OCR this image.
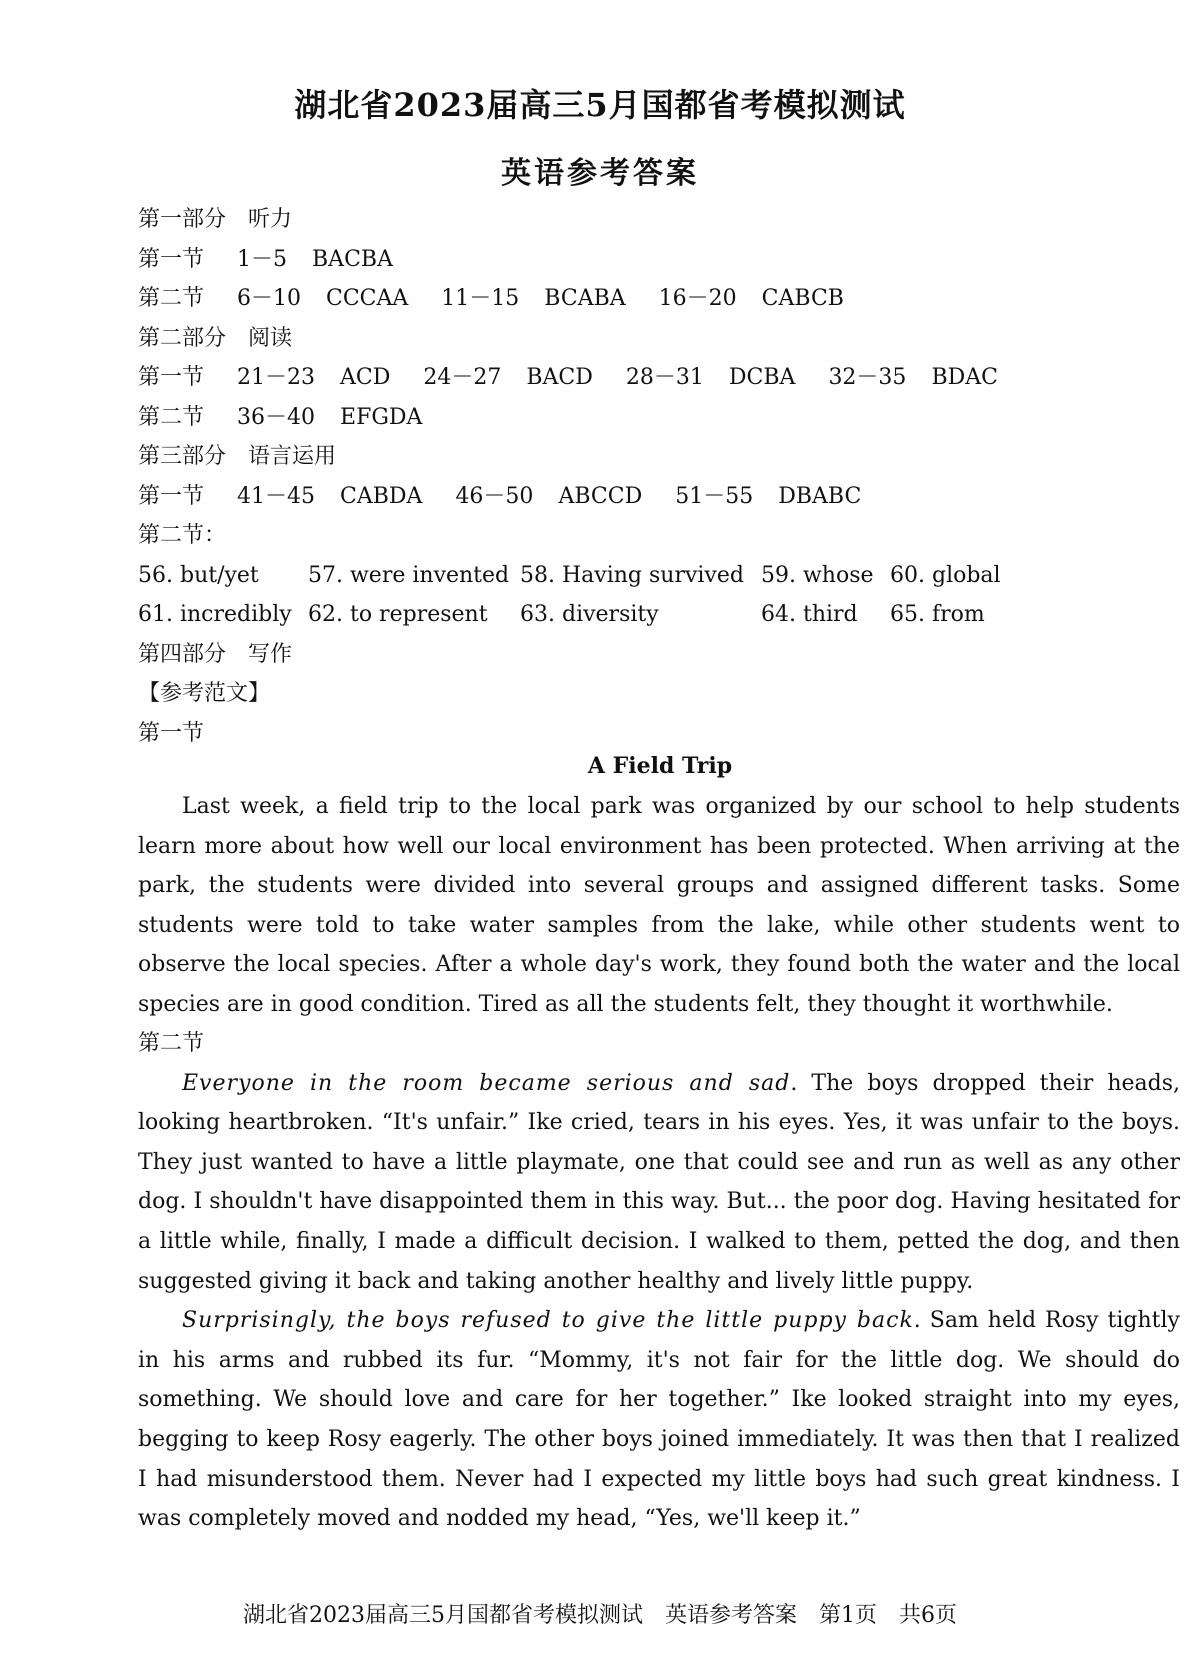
湖北省2023届高三5月国都省考模拟测试
英语参考答案
第一部分　听力
第一节 1－5 BACBA
第二节 6－10 CCCAA 11－15 BCABA 16－20 CABCB
第二部分　阅读
第一节 21－23 ACD 24－27 BACD 28－31 DCBA 32－35 BDAC
第二节 36－40 EFGDA
第三部分　语言运用
第一节 41－45 CABDA 46－50 ABCCD 51－55 DBABC
第二节：
56. but/yet 57. were invented 58. Having survived 59. whose 60. global
61. incredibly 62. to represent 63. diversity	64. third 65. from
第四部分　写作
【参考范文】
第一节
A Field Trip

Last week, a field trip to the local park was organized by our school to help students learn more about how well our local environment has been protected. When arriving at the park, the students were divided into several groups and assigned different tasks. Some students were told to take water samples from the lake, while other students went to observe the local species. After a whole day's work, they found both the water and the local species are in good condition. Tired as all the students felt, they thought it worthwhile.

第二节

Everyone in the room became serious and sad. The boys dropped their heads, looking heartbroken. “It's unfair.” Ike cried, tears in his eyes. Yes, it was unfair to the boys. They just wanted to have a little playmate, one that could see and run as well as any other dog. I shouldn't have disappointed them in this way. But... the poor dog. Having hesitated for a little while, finally, I made a difficult decision. I walked to them, petted the dog, and then suggested giving it back and taking another healthy and lively little puppy.

Surprisingly, the boys refused to give the little puppy back. Sam held Rosy tightly in his arms and rubbed its fur. “Mommy, it's not fair for the little dog. We should do something. We should love and care for her together.” Ike looked straight into my eyes, begging to keep Rosy eagerly. The other boys joined immediately. It was then that I realized I had misunderstood them. Never had I expected my little boys had such great kindness. I was completely moved and nodded my head, “Yes, we'll keep it.”

湖北省2023届高三5月国都省考模拟测试　英语参考答案　第1页　共6页
